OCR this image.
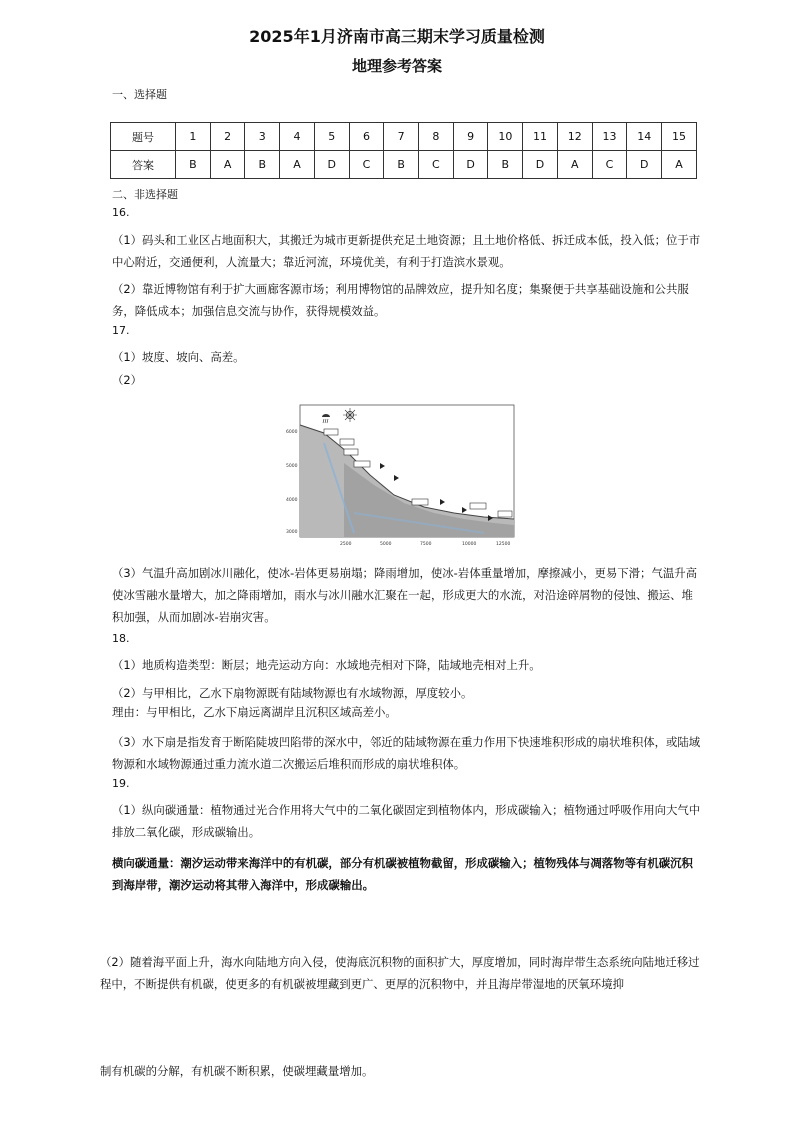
2025年1月济南市高三期末学习质量检测
地理参考答案
一、选择题
题号	1	2	3	4	5	6	7	8	9	10	11	12	13	14	15
答案	B	A	B	A	D	C	B	C	D	B	D	A	C	D	A
二、非选择题
16.
（1）码头和工业区占地面积大，其搬迁为城市更新提供充足土地资源；且土地价格低、拆迁成本低，投入低；位于市中心附近，交通便利，人流量大；靠近河流，环境优美，有利于打造滨水景观。
（2）靠近博物馆有利于扩大画廊客源市场；利用博物馆的品牌效应，提升知名度；集聚便于共享基础设施和公共服务，降低成本；加强信息交流与协作，获得规模效益。
17.
（1）坡度、坡向、高差。
（2）
6000
5000
4000
3000
2500	5000	7500	10000	12500
（3）气温升高加剧冰川融化，使冰-岩体更易崩塌；降雨增加，使冰-岩体重量增加，摩擦减小，更易下滑；气温升高使冰雪融水量增大，加之降雨增加，雨水与冰川融水汇聚在一起，形成更大的水流，对沿途碎屑物的侵蚀、搬运、堆积加强，从而加剧冰-岩崩灾害。
18.
（1）地质构造类型：断层；地壳运动方向：水域地壳相对下降，陆域地壳相对上升。
（2）与甲相比，乙水下扇物源既有陆域物源也有水域物源，厚度较小。
理由：与甲相比，乙水下扇远离湖岸且沉积区域高差小。
（3）水下扇是指发育于断陷陡坡凹陷带的深水中，邻近的陆域物源在重力作用下快速堆积形成的扇状堆积体，或陆域物源和水域物源通过重力流水道二次搬运后堆积而形成的扇状堆积体。
19.
（1）纵向碳通量：植物通过光合作用将大气中的二氧化碳固定到植物体内，形成碳输入；植物通过呼吸作用向大气中排放二氧化碳，形成碳输出。
横向碳通量：潮汐运动带来海洋中的有机碳，部分有机碳被植物截留，形成碳输入；植物残体与凋落物等有机碳沉积到海岸带，潮汐运动将其带入海洋中，形成碳输出。
（2）随着海平面上升，海水向陆地方向入侵，使海底沉积物的面积扩大，厚度增加，同时海岸带生态系统向陆地迁移过程中，不断提供有机碳，使更多的有机碳被埋藏到更广、更厚的沉积物中，并且海岸带湿地的厌氧环境抑
制有机碳的分解，有机碳不断积累，使碳埋藏量增加。
